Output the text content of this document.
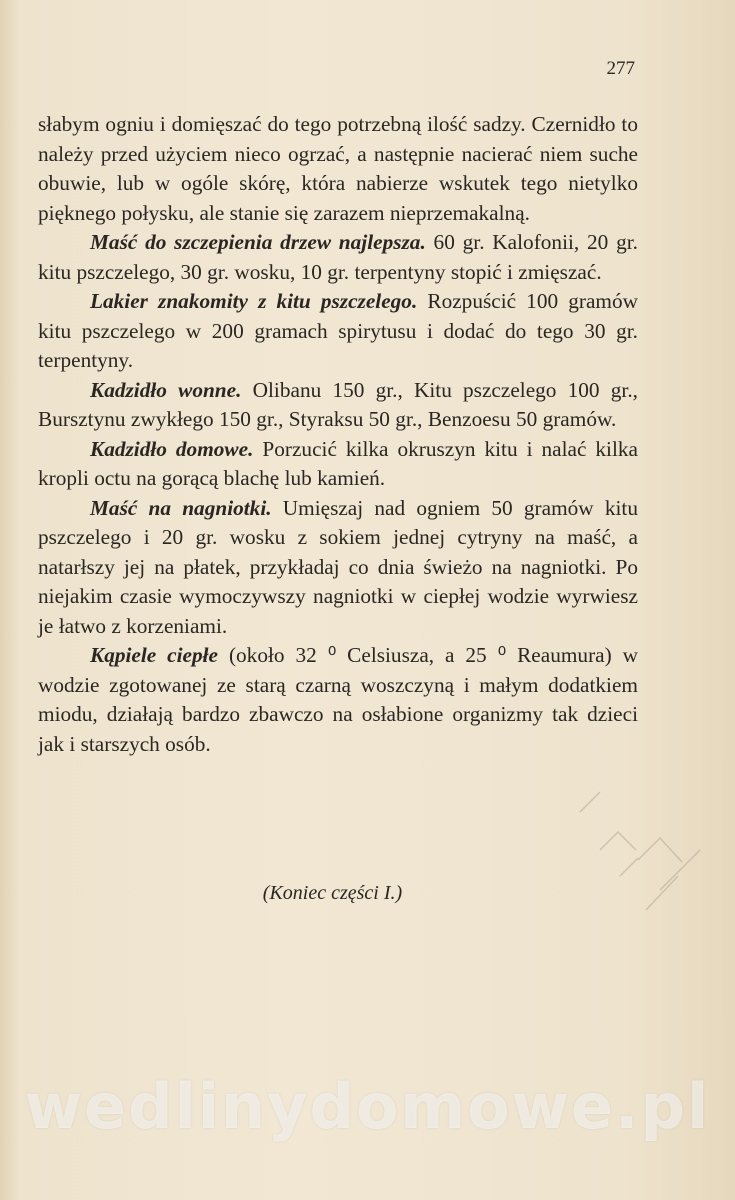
277

słabym ogniu i domięszać do tego potrzebną ilość sadzy. Czernidło to należy przed użyciem nieco ogrzać, a następnie nacierać niem suche obuwie, lub w ogóle skórę, która nabierze wskutek tego nietylko pięknego połysku, ale stanie się zarazem nieprzemakalną.

Maść do szczepienia drzew najlepsza. 60 gr. Kalofonii, 20 gr. kitu pszczelego, 30 gr. wosku, 10 gr. terpentyny stopić i zmięszać.

Lakier znakomity z kitu pszczelego. Rozpuścić 100 gramów kitu pszczelego w 200 gramach spirytusu i dodać do tego 30 gr. terpentyny.

Kadzidło wonne. Olibanu 150 gr., Kitu pszczelego 100 gr., Bursztynu zwykłego 150 gr., Styraksu 50 gr., Benzoesu 50 gramów.

Kadzidło domowe. Porzucić kilka okruszyn kitu i nalać kilka kropli octu na gorącą blachę lub kamień.

Maść na nagniotki. Umięszaj nad ogniem 50 gramów kitu pszczelego i 20 gr. wosku z sokiem jednej cytryny na maść, a natarłszy jej na płatek, przykładaj co dnia świeżo na nagniotki. Po niejakim czasie wymoczywszy nagniotki w ciepłej wodzie wyrwiesz je łatwo z korzeniami.

Kąpiele ciepłe (około 32 ⁰ Celsiusza, a 25 ⁰ Reaumura) w wodzie zgotowanej ze starą czarną woszczyną i małym dodatkiem miodu, działają bardzo zbawczo na osłabione organizmy tak dzieci jak i starszych osób.

(Koniec części I.)
wedlinydomowe.pl
